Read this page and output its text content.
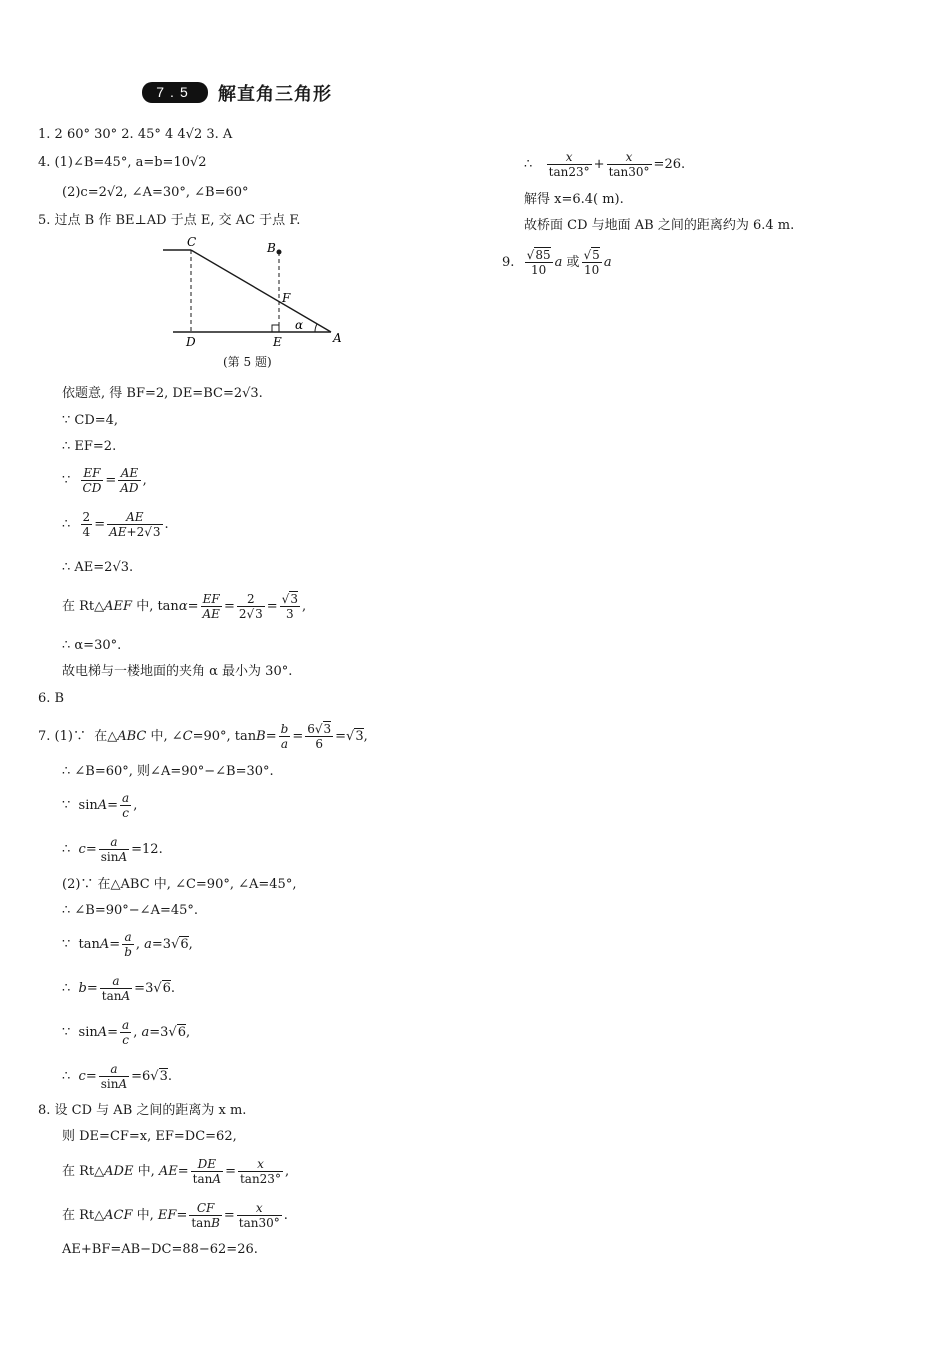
7.5	解直角三角形
1. 2 60° 30° 2. 45° 4 4√2 3. A
4. (1)∠B=45°, a=b=10√2
(2)c=2√2, ∠A=30°, ∠B=60°
5. 过点 B 作 BE⊥AD 于点 E, 交 AC 于点 F.
C	B
F
α
A
D	E
(第 5 题)
依题意, 得 BF=2, DE=BC=2√3.
∵ CD=4,
∴ EF=2.
∵ $\frac{EF}{CD} = \frac{AE}{AD}$ ,
∴ $\frac{2}{4} = \frac{AE}{AE+2√3}$ .
∴ AE=2√3.
在 Rt△AEF 中, $\tan\alpha= \frac{EF}{AE} = \frac{2}{2√3} = \frac{√3}{3}$ ,
∴ α=30°.
故电梯与一楼地面的夹角 α 最小为 30°.
6. B
7. (1)∵  在△ABC 中, ∠C=90°, $\tan B= \frac{b}{a} = \frac{6√3}{6} =√3$,
∴ ∠B=60°, 则∠A=90°−∠B=30°.
∵  $\sin A= \frac{a}{c}$ ,
∴  $c= \frac{a}{\sin A} =12$.
(2)∵ 在△ABC 中, ∠C=90°, ∠A=45°,
∴ ∠B=90°−∠A=45°.
∵  $\tan A= \frac{a}{b}$ , a=3√6,
∴  $b= \frac{a}{\tan A} =3√6$.
∵  $\sin A= \frac{a}{c}$ , a=3√6,
∴  $c= \frac{a}{\sin A} =6√3$.
8. 设 CD 与 AB 之间的距离为 x m.
则 DE=CF=x, EF=DC=62,
在 Rt△ADE 中, $AE= \frac{DE}{\tan A} = \frac{x}{\tan 23^\circ}$ ,
在 Rt△ACF 中, $EF= \frac{CF}{\tan B} = \frac{x}{\tan 30^\circ}$ .
AE+BF=AB−DC=88−62=26.
∴ $\frac{x}{\tan 23^\circ} + \frac{x}{\tan 30^\circ} =26$.
解得 x=6.4( m).
故桥面 CD 与地面 AB 之间的距离约为 6.4 m.
9. $\frac{√85}{10}$ a 或 $\frac{√5}{10}$ a
